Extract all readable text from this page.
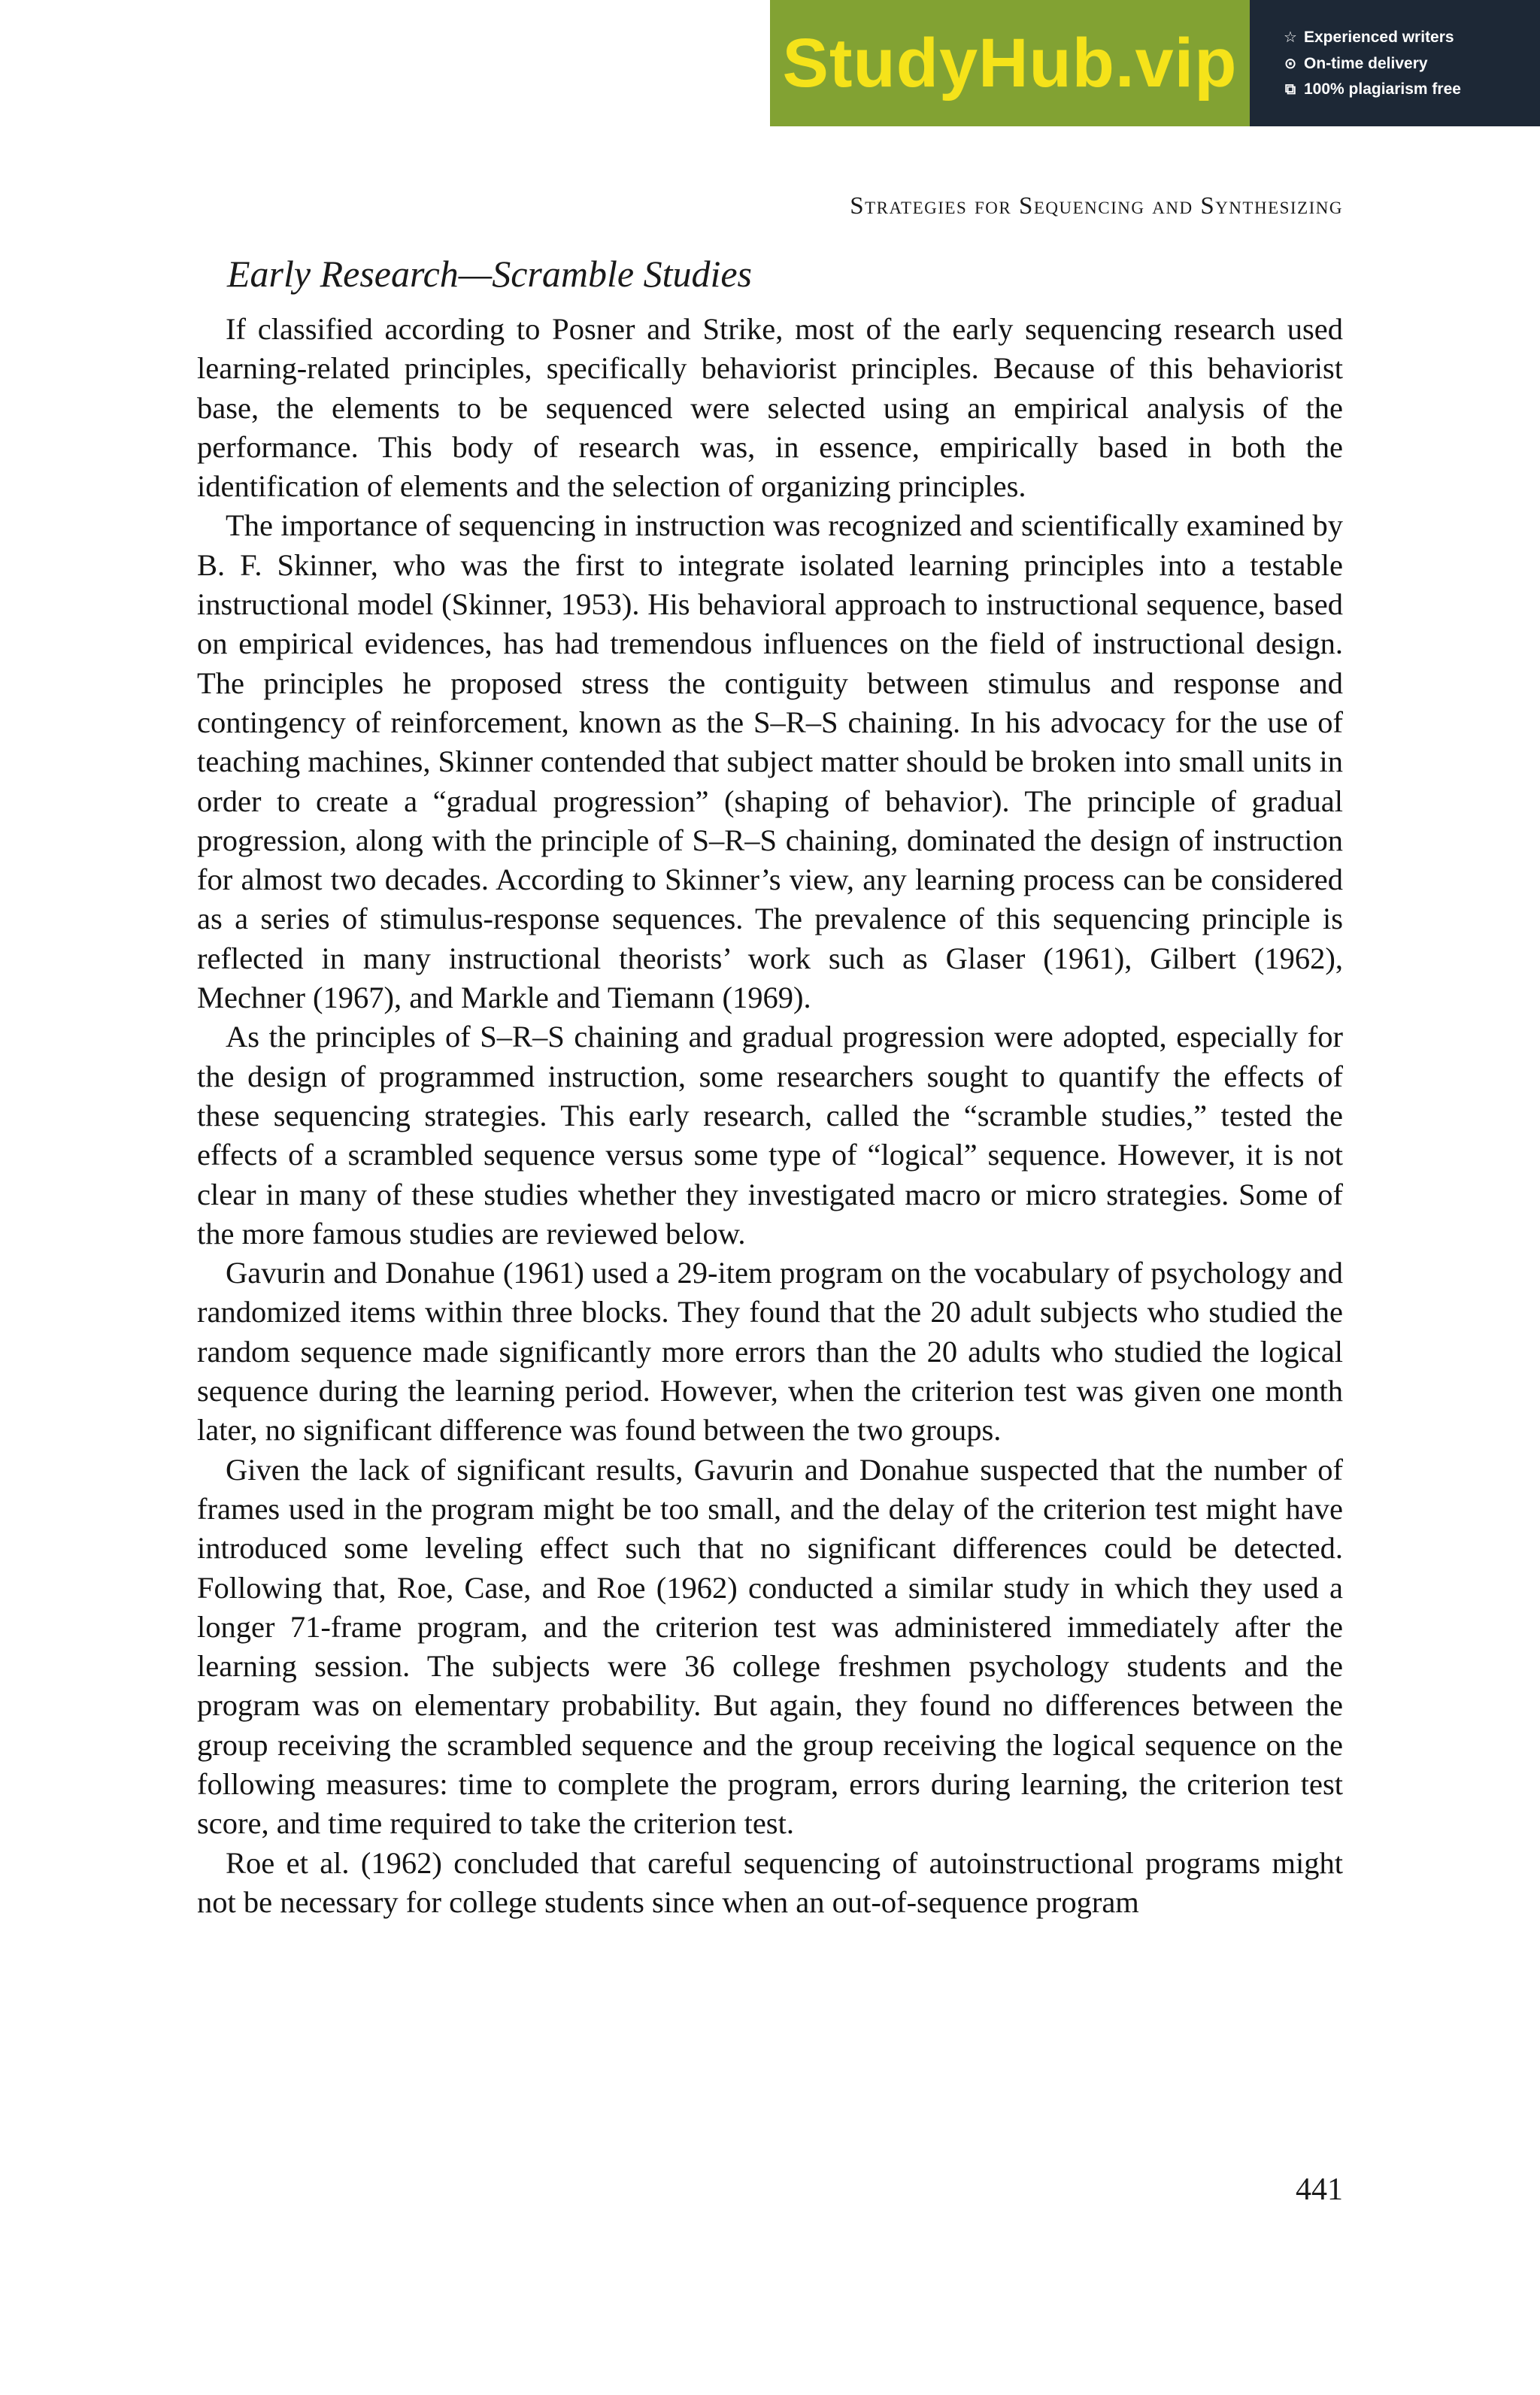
StudyHub.vip	☆ Experienced writers
⊙ On-time delivery
⧉ 100% plagiarism free
Strategies for Sequencing and Synthesizing
Early Research—Scramble Studies

If classified according to Posner and Strike, most of the early sequencing research used learning-related principles, specifically behaviorist principles. Because of this behaviorist base, the elements to be sequenced were selected using an empirical analysis of the performance. This body of research was, in essence, empirically based in both the identification of elements and the selection of organizing principles.

The importance of sequencing in instruction was recognized and scientifically examined by B. F. Skinner, who was the first to integrate isolated learning principles into a testable instructional model (Skinner, 1953). His behavioral approach to instructional sequence, based on empirical evidences, has had tremendous influences on the field of instructional design. The principles he proposed stress the contiguity between stimulus and response and contingency of reinforcement, known as the S–R–S chaining. In his advocacy for the use of teaching machines, Skinner contended that subject matter should be broken into small units in order to create a “gradual progression” (shaping of behavior). The principle of gradual progression, along with the principle of S–R–S chaining, dominated the design of instruction for almost two decades. According to Skinner’s view, any learning process can be considered as a series of stimulus-response sequences. The prevalence of this sequencing principle is reflected in many instructional theorists’ work such as Glaser (1961), Gilbert (1962), Mechner (1967), and Markle and Tiemann (1969).

As the principles of S–R–S chaining and gradual progression were adopted, especially for the design of programmed instruction, some researchers sought to quantify the effects of these sequencing strategies. This early research, called the “scramble studies,” tested the effects of a scrambled sequence versus some type of “logical” sequence. However, it is not clear in many of these studies whether they investigated macro or micro strategies. Some of the more famous studies are reviewed below.

Gavurin and Donahue (1961) used a 29-item program on the vocabulary of psychology and randomized items within three blocks. They found that the 20 adult subjects who studied the random sequence made significantly more errors than the 20 adults who studied the logical sequence during the learning period. However, when the criterion test was given one month later, no significant difference was found between the two groups.

Given the lack of significant results, Gavurin and Donahue suspected that the number of frames used in the program might be too small, and the delay of the criterion test might have introduced some leveling effect such that no significant differences could be detected. Following that, Roe, Case, and Roe (1962) conducted a similar study in which they used a longer 71-frame program, and the criterion test was administered immediately after the learning session. The subjects were 36 college freshmen psychology students and the program was on elementary probability. But again, they found no differences between the group receiving the scrambled sequence and the group receiving the logical sequence on the following measures: time to complete the program, errors during learning, the criterion test score, and time required to take the criterion test.

Roe et al. (1962) concluded that careful sequencing of autoinstructional programs might not be necessary for college students since when an out-of-sequence program

441
